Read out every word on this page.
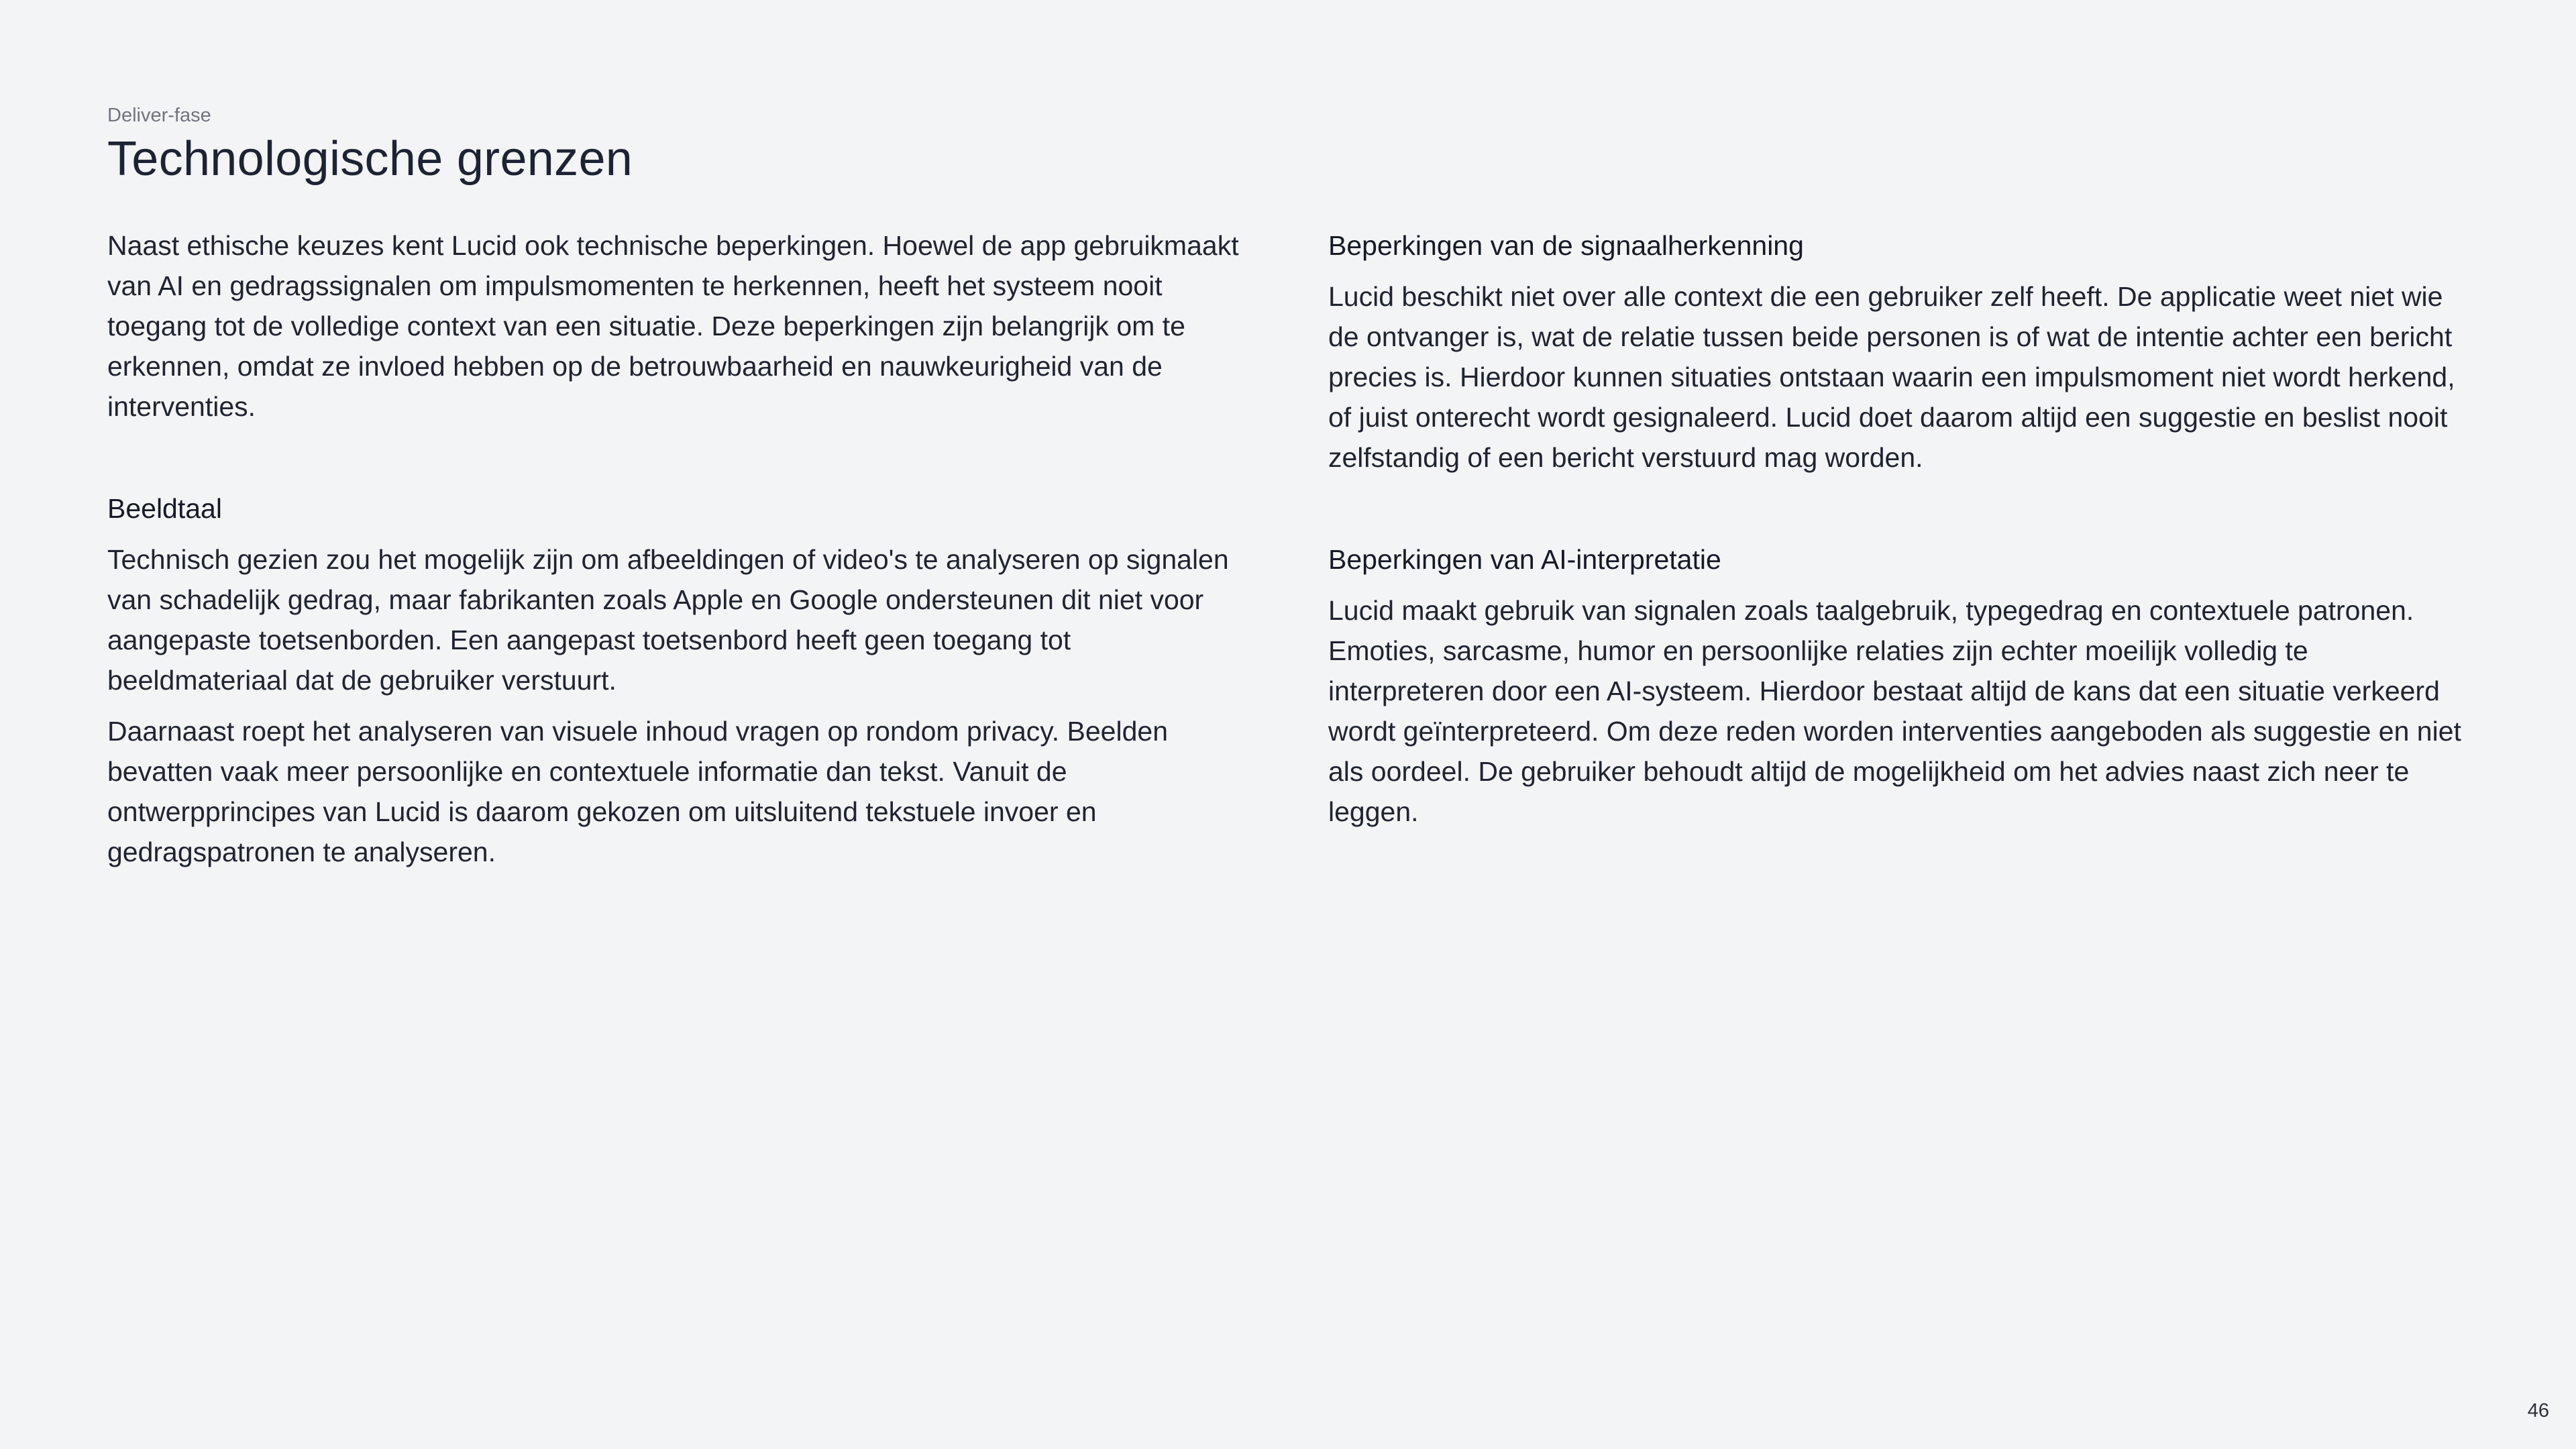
Deliver-fase
Technologische grenzen

Naast ethische keuzes kent Lucid ook technische beperkingen. Hoewel de app gebruikmaakt van AI en gedragssignalen om impulsmomenten te herkennen, heeft het systeem nooit toegang tot de volledige context van een situatie. Deze beperkingen zijn belangrijk om te erkennen, omdat ze invloed hebben op de betrouwbaarheid en nauwkeurigheid van de interventies.

Beeldtaal

Technisch gezien zou het mogelijk zijn om afbeeldingen of video's te analyseren op signalen van schadelijk gedrag, maar fabrikanten zoals Apple en Google ondersteunen dit niet voor aangepaste toetsenborden. Een aangepast toetsenbord heeft geen toegang tot beeldmateriaal dat de gebruiker verstuurt.

Daarnaast roept het analyseren van visuele inhoud vragen op rondom privacy. Beelden bevatten vaak meer persoonlijke en contextuele informatie dan tekst. Vanuit de ontwerpprincipes van Lucid is daarom gekozen om uitsluitend tekstuele invoer en gedragspatronen te analyseren.

Beperkingen van de signaalherkenning

Lucid beschikt niet over alle context die een gebruiker zelf heeft. De applicatie weet niet wie de ontvanger is, wat de relatie tussen beide personen is of wat de intentie achter een bericht precies is. Hierdoor kunnen situaties ontstaan waarin een impulsmoment niet wordt herkend, of juist onterecht wordt gesignaleerd. Lucid doet daarom altijd een suggestie en beslist nooit zelfstandig of een bericht verstuurd mag worden.

Beperkingen van AI-interpretatie

Lucid maakt gebruik van signalen zoals taalgebruik, typegedrag en contextuele patronen. Emoties, sarcasme, humor en persoonlijke relaties zijn echter moeilijk volledig te interpreteren door een AI-systeem. Hierdoor bestaat altijd de kans dat een situatie verkeerd wordt geïnterpreteerd. Om deze reden worden interventies aangeboden als suggestie en niet als oordeel. De gebruiker behoudt altijd de mogelijkheid om het advies naast zich neer te leggen.

46
